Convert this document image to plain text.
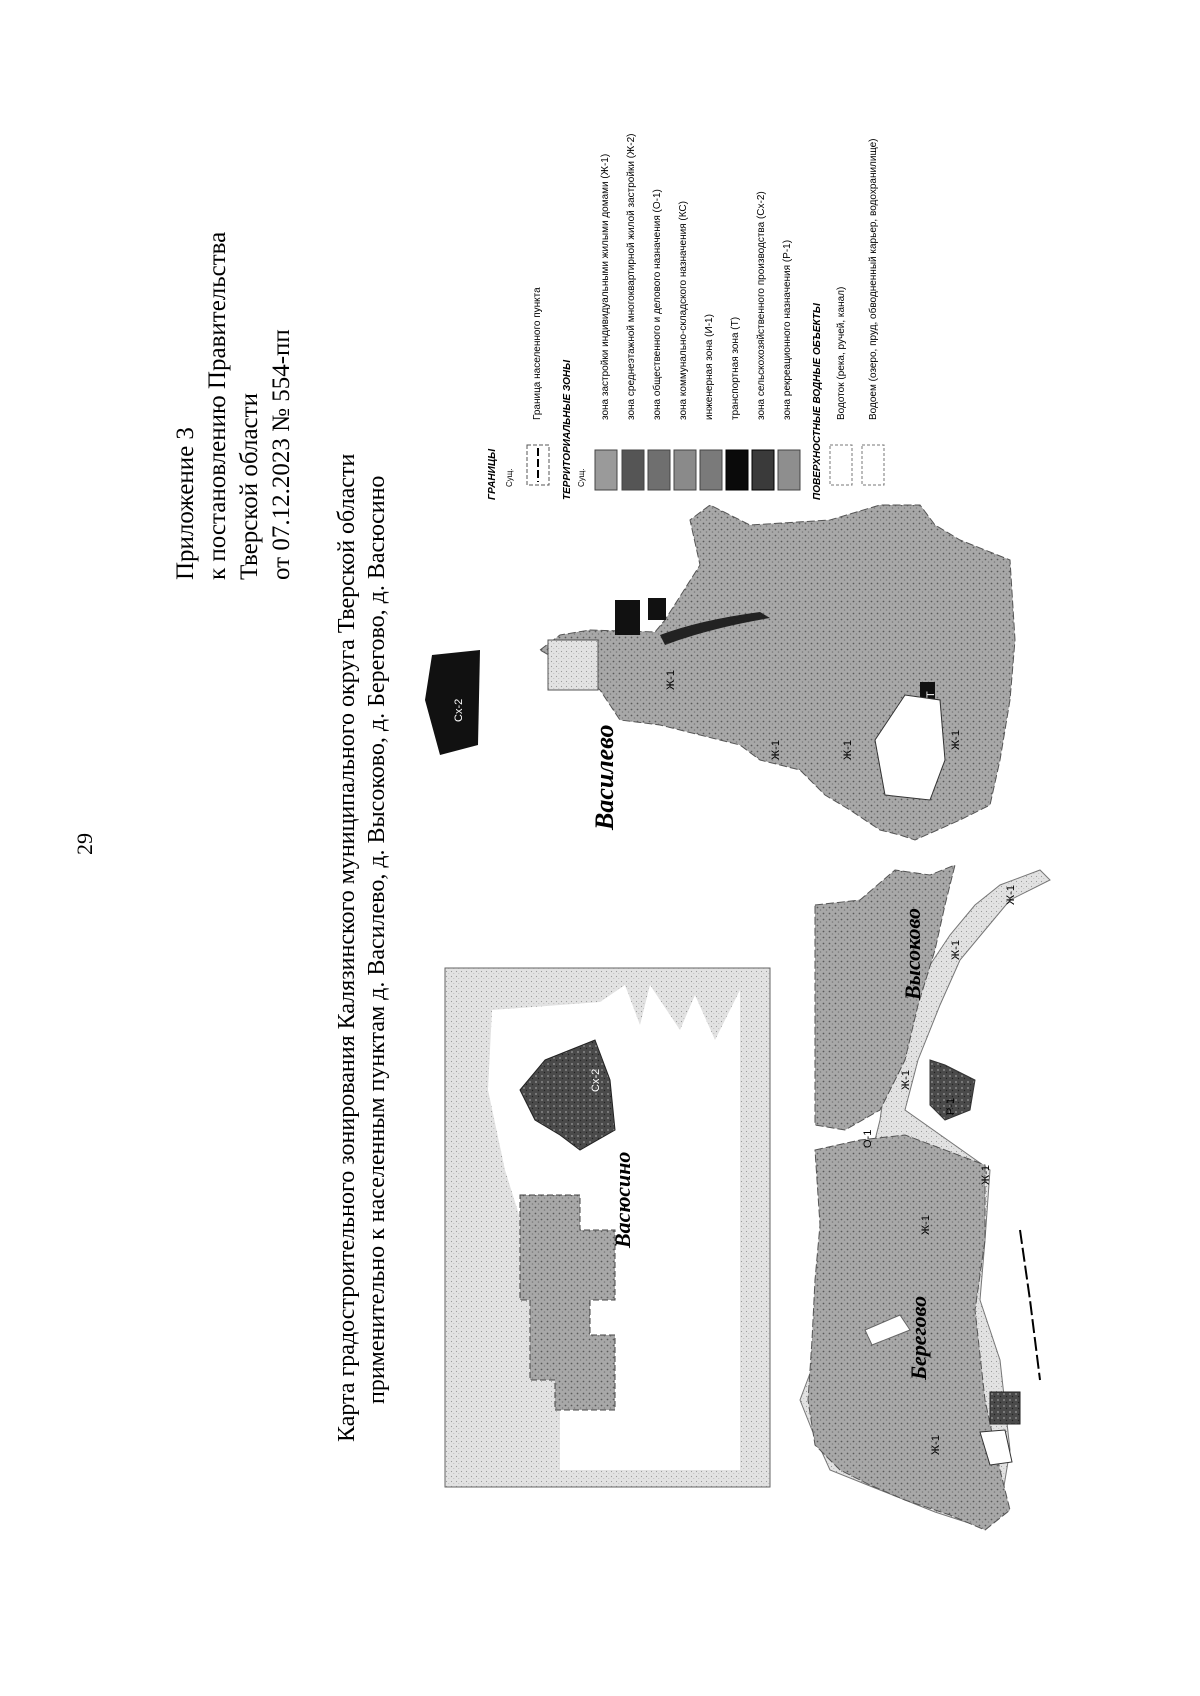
29
Приложение 3 к постановлению Правительства Тверской области от 07.12.2023 № 554-пп Карта градостроительного зонирования Калязинского муниципального округа Тверской области применительно к населенным пунктам д. Василево, д. Высоково, д. Берегово, д. Васюсино
ГРАНИЦЫ Сущ.
Граница населенного пункта
ТЕРРИТОРИАЛЬНЫЕ ЗОНЫ Сущ.
зона застройки индивидуальными жилыми домами (Ж-1) зона среднеэтажной многоквартирной жилой застройки (Ж-2) зона общественного и делового назначения (О-1) зона коммунально-складского назначения (КС) инженерная зона (И-1) транспортная зона (Т) зона сельскохозяйственного производства (Сх-2) зона рекреационного назначения (Р-1) ПОВЕРХНОСТНЫЕ ВОДНЫЕ ОБЪЕКТЫ Водоток (река, ручей, канал) Водоем (озеро, пруд, обводненный карьер, водохранилище)
Василево
Высоково
Берегово
Васюсино
Ж-1
Ж-1
Ж-1
Ж-1
Ж-1
Ж-1
Ж-1
Ж-1
Ж-1
Ж-1
О-1
Р-1
Сх-2
Сх-2
Т
